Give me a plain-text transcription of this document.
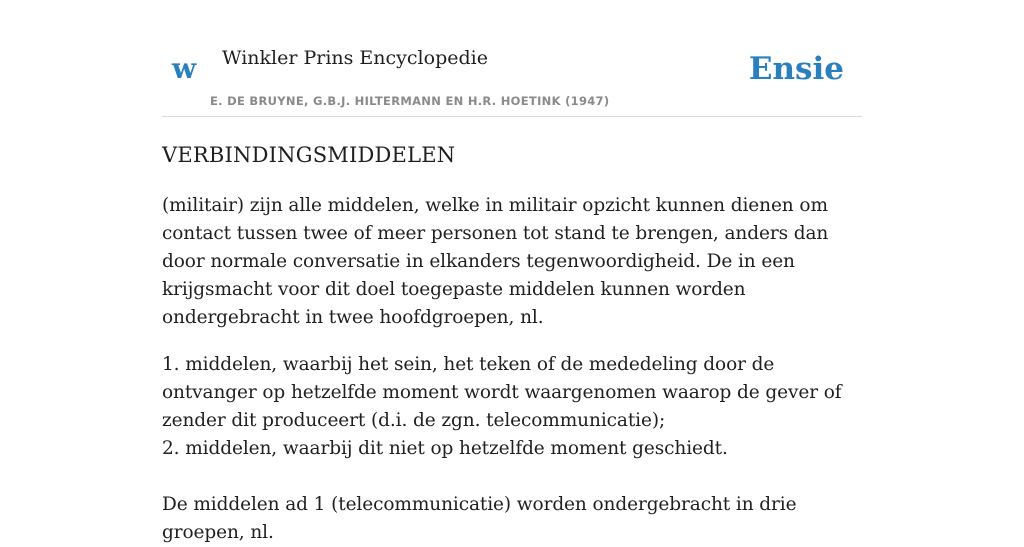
w Winkler Prins Encyclopedie
E. DE BRUYNE, G.B.J. HILTERMANN EN H.R. HOETINK (1947)
Ensie
VERBINDINGSMIDDELEN

(militair) zijn alle middelen, welke in militair opzicht kunnen dienen om contact tussen twee of meer personen tot stand te brengen, anders dan door normale conversatie in elkanders tegenwoordigheid. De in een krijgsmacht voor dit doel toegepaste middelen kunnen worden ondergebracht in twee hoofdgroepen, nl.

1. middelen, waarbij het sein, het teken of de mededeling door de ontvanger op hetzelfde moment wordt waargenomen waarop de gever of zender dit produceert (d.i. de zgn. telecommunicatie);

2. middelen, waarbij dit niet op hetzelfde moment geschiedt.

De middelen ad 1 (telecommunicatie) worden ondergebracht in drie groepen, nl.
